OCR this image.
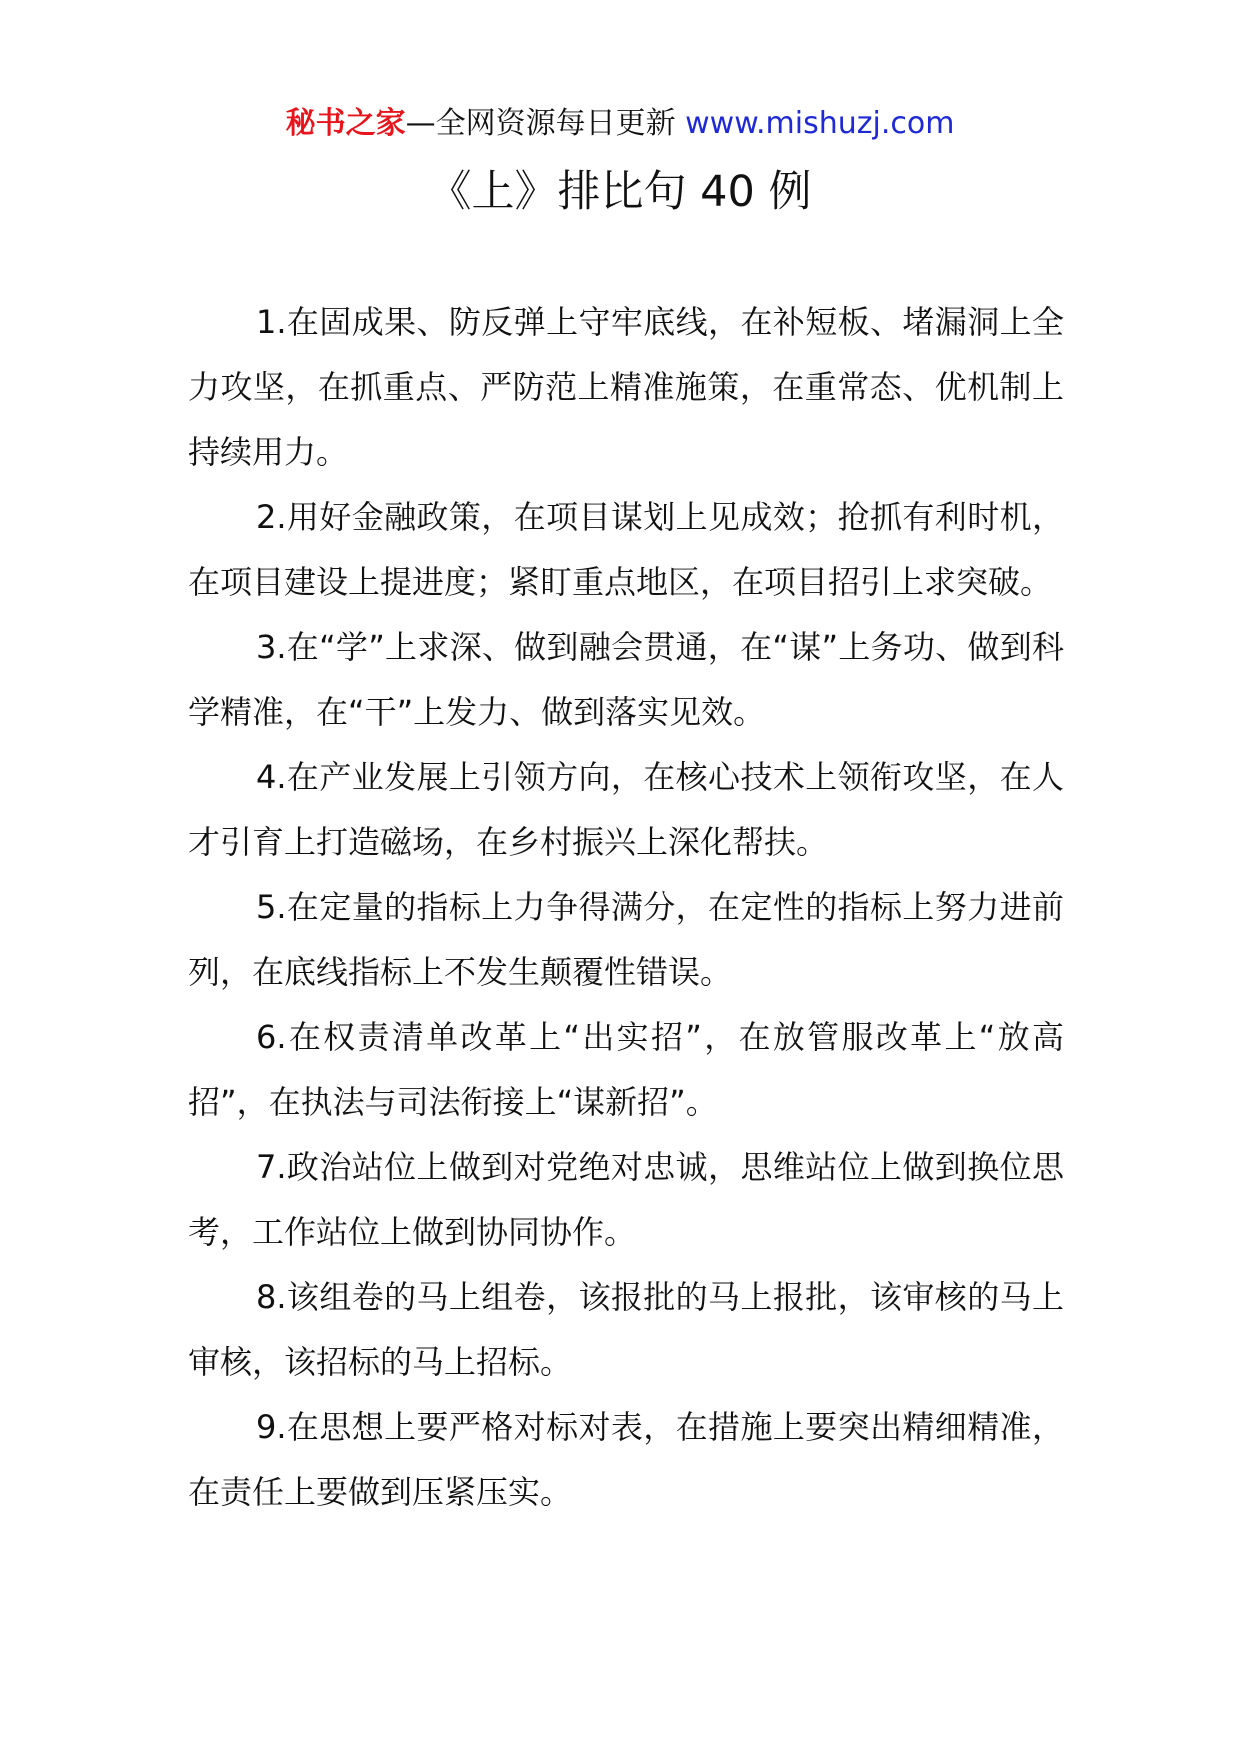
秘书之家—全网资源每日更新 www.mishuzj.com
《上》排比句 40 例

1.在固成果、防反弹上守牢底线，在补短板、堵漏洞上全力攻坚，在抓重点、严防范上精准施策，在重常态、优机制上持续用力。

2.用好金融政策，在项目谋划上见成效；抢抓有利时机，在项目建设上提进度；紧盯重点地区，在项目招引上求突破。

3.在“学”上求深、做到融会贯通，在“谋”上务功、做到科学精准，在“干”上发力、做到落实见效。

4.在产业发展上引领方向，在核心技术上领衔攻坚，在人才引育上打造磁场，在乡村振兴上深化帮扶。

5.在定量的指标上力争得满分，在定性的指标上努力进前列，在底线指标上不发生颠覆性错误。

6.在权责清单改革上“出实招”，在放管服改革上“放高招”，在执法与司法衔接上“谋新招”。

7.政治站位上做到对党绝对忠诚，思维站位上做到换位思考，工作站位上做到协同协作。

8.该组卷的马上组卷，该报批的马上报批，该审核的马上审核，该招标的马上招标。

9.在思想上要严格对标对表，在措施上要突出精细精准，在责任上要做到压紧压实。
